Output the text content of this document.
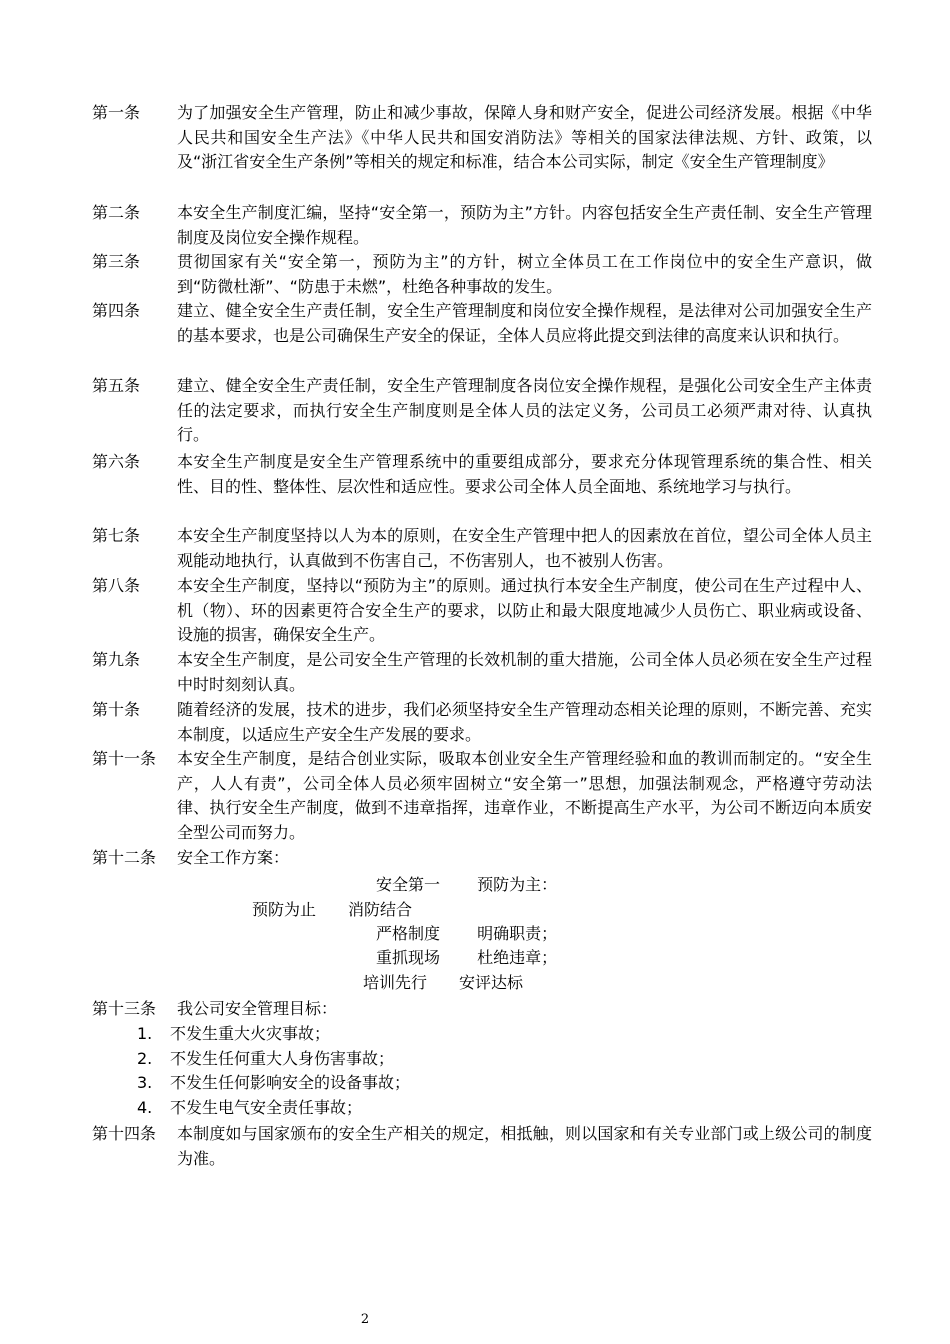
第一条 为了加强安全生产管理，防止和减少事故，保障人身和财产安全，促进公司经济发展。根据《中华人民共和国安全生产法》《中华人民共和国安消防法》等相关的国家法律法规、方针、政策，以及“浙江省安全生产条例”等相关的规定和标准，结合本公司实际，制定《安全生产管理制度》
第二条 本安全生产制度汇编，坚持“安全第一，预防为主”方针。内容包括安全生产责任制、安全生产管理制度及岗位安全操作规程。
第三条 贯彻国家有关“安全第一，预防为主”的方针，树立全体员工在工作岗位中的安全生产意识，做到“防微杜渐”、“防患于未燃”，杜绝各种事故的发生。
第四条 建立、健全安全生产责任制，安全生产管理制度和岗位安全操作规程，是法律对公司加强安全生产的基本要求，也是公司确保生产安全的保证，全体人员应将此提交到法律的高度来认识和执行。
第五条 建立、健全安全生产责任制，安全生产管理制度各岗位安全操作规程，是强化公司安全生产主体责任的法定要求，而执行安全生产制度则是全体人员的法定义务，公司员工必须严肃对待、认真执行。
第六条 本安全生产制度是安全生产管理系统中的重要组成部分，要求充分体现管理系统的集合性、相关性、目的性、整体性、层次性和适应性。要求公司全体人员全面地、系统地学习与执行。
第七条 本安全生产制度坚持以人为本的原则，在安全生产管理中把人的因素放在首位，望公司全体人员主观能动地执行，认真做到不伤害自己，不伤害别人，也不被别人伤害。
第八条 本安全生产制度，坚持以“预防为主”的原则。通过执行本安全生产制度，使公司在生产过程中人、机（物）、环的因素更符合安全生产的要求，以防止和最大限度地减少人员伤亡、职业病或设备、设施的损害，确保安全生产。
第九条 本安全生产制度，是公司安全生产管理的长效机制的重大措施，公司全体人员必须在安全生产过程中时时刻刻认真。
第十条 随着经济的发展，技术的进步，我们必须坚持安全生产管理动态相关论理的原则，不断完善、充实本制度，以适应生产安全生产发展的要求。
第十一条 本安全生产制度，是结合创业实际，吸取本创业安全生产管理经验和血的教训而制定的。“安全生产，人人有责”，公司全体人员必须牢固树立“安全第一”思想，加强法制观念，严格遵守劳动法律、执行安全生产制度，做到不违章指挥，违章作业，不断提高生产水平，为公司不断迈向本质安全型公司而努力。
第十二条 安全工作方案：
安全第一　　 预防为主：
预防为止　　消防结合
严格制度　　 明确职责；
重抓现场　　 杜绝违章；
培训先行　　安评达标
第十三条 我公司安全管理目标：
1. 不发生重大火灾事故；
2. 不发生任何重大人身伤害事故；
3. 不发生任何影响安全的设备事故；
4. 不发生电气安全责任事故；
第十四条 本制度如与国家颁布的安全生产相关的规定，相抵触，则以国家和有关专业部门或上级公司的制度为准。
2
